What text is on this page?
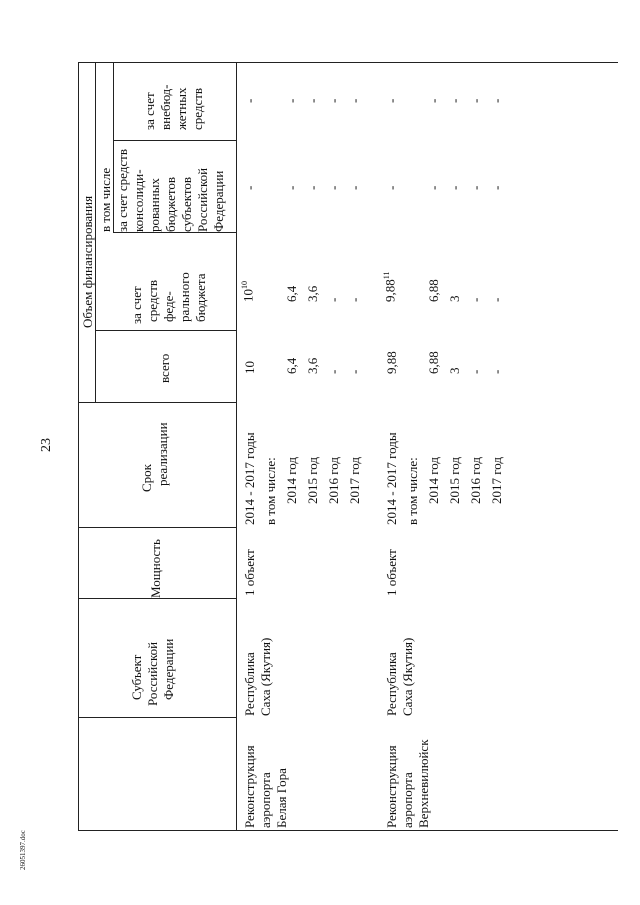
23
26051397.doc
Объем финансирования в том числе
за счет средств феде- рального бюджета
за счет средств консолиди- рованных бюджетов субъектов Российской Федерации
за счет внебюд- жетных средств
всего
Срок реализации
Мощность
Субъект Российской Федерации
Реконструкция аэропорта Белая Гора
Республика Саха (Якутия)
1 объект
2014 - 2017 годы в том числе: 2014 год 2015 год 2016 год 2017 год
10 6,4 3,6 - -
$10^{10}$
6,4 3,6 - -
- - - - -
- - - - -
Реконструкция аэропорта Верхневилюйск
Республика Саха (Якутия)
1 объект
2014 - 2017 годы в том числе: 2014 год 2015 год 2016 год 2017 год
9,88 6,88 3 - -
9,88$^{11}$
6,88 3 - -
- - - - -
- - - - -
